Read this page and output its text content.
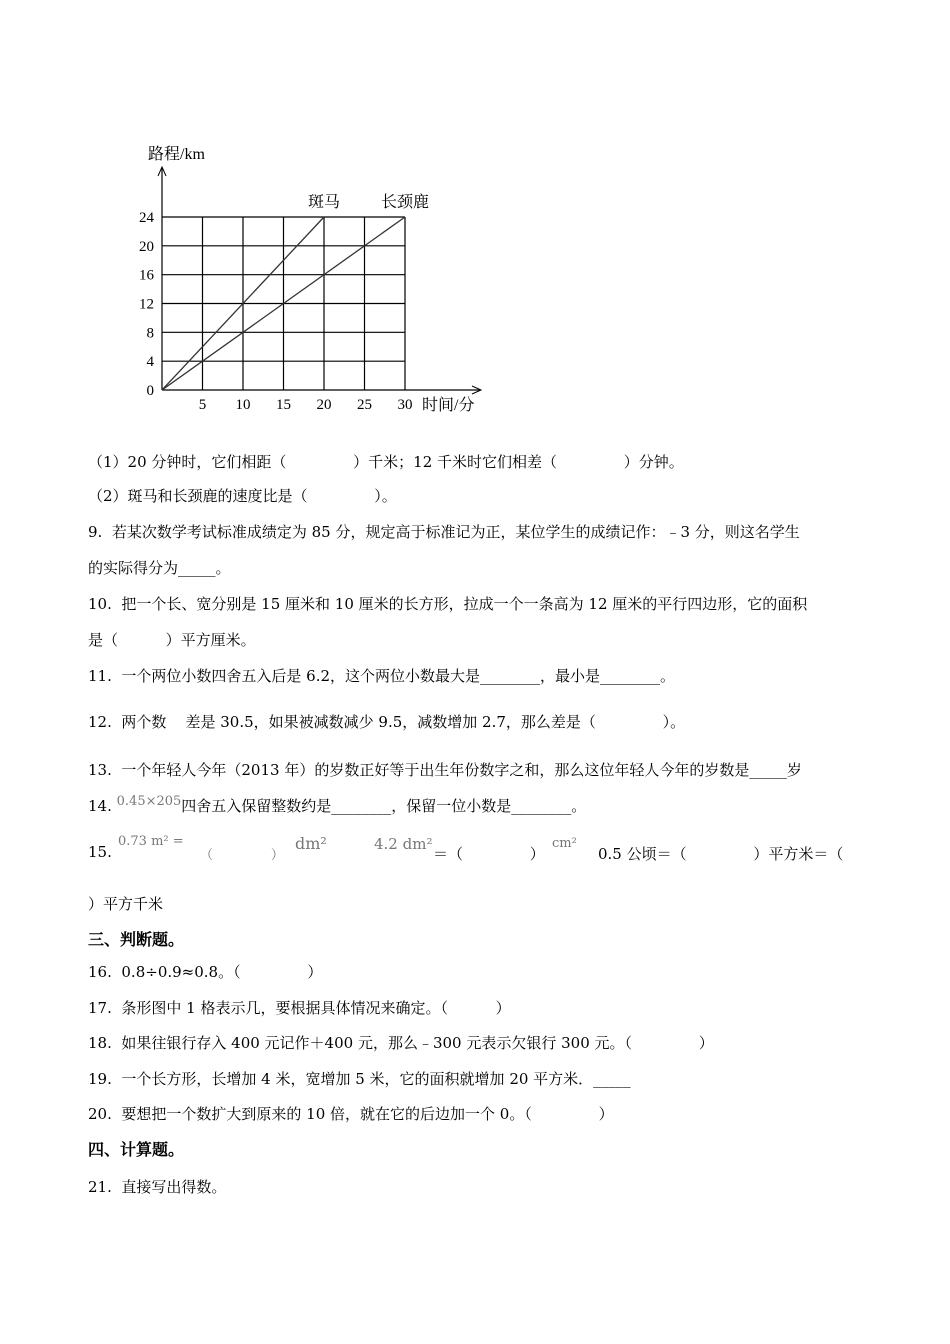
路程/km
时间/分
5 10 15 20 25 30
0
4
8
12
16
20
24
斑马	长颈鹿
（1）20 分钟时，它们相距（              ）千米；12 千米时它们相差（              ）分钟。
（2）斑马和长颈鹿的速度比是（              ）。
9.  若某次数学考试标准成绩定为 85 分，规定高于标准记为正，某位学生的成绩记作：﹣3 分，则这名学生
的实际得分为_____。
10.  把一个长、宽分别是 15 厘米和 10 厘米的长方形，拉成一个一条高为 12 厘米的平行四边形，它的面积
是（          ）平方厘米。
11.  一个两位小数四舍五入后是 6.2，这个两位小数最大是________，最小是________。
12.  两个数    差是 30.5，如果被减数减少 9.5，减数增加 2.7，那么差是（              ）。
13.  一个年轻人今年（2013 年）的岁数正好等于出生年份数字之和，那么这位年轻人今年的岁数是_____岁
14. 0.45×205四舍五入保留整数约是________，保留一位小数是________。
15.
0.73 m² =
（              ）
dm²	4.2 dm²
＝（              ）
cm²
0.5 公顷＝（              ）平方米＝（
）平方千米
三、判断题。
16.  0.8÷0.9≈0.8。（              ）
17.  条形图中 1 格表示几，要根据具体情况来确定。（          ）
18.  如果往银行存入 400 元记作＋400 元，那么﹣300 元表示欠银行 300 元。（              ）
19.  一个长方形，长增加 4 米，宽增加 5 米，它的面积就增加 20 平方米．_____
20.  要想把一个数扩大到原来的 10 倍，就在它的后边加一个 0。（              ）
四、计算题。
21.  直接写出得数。
